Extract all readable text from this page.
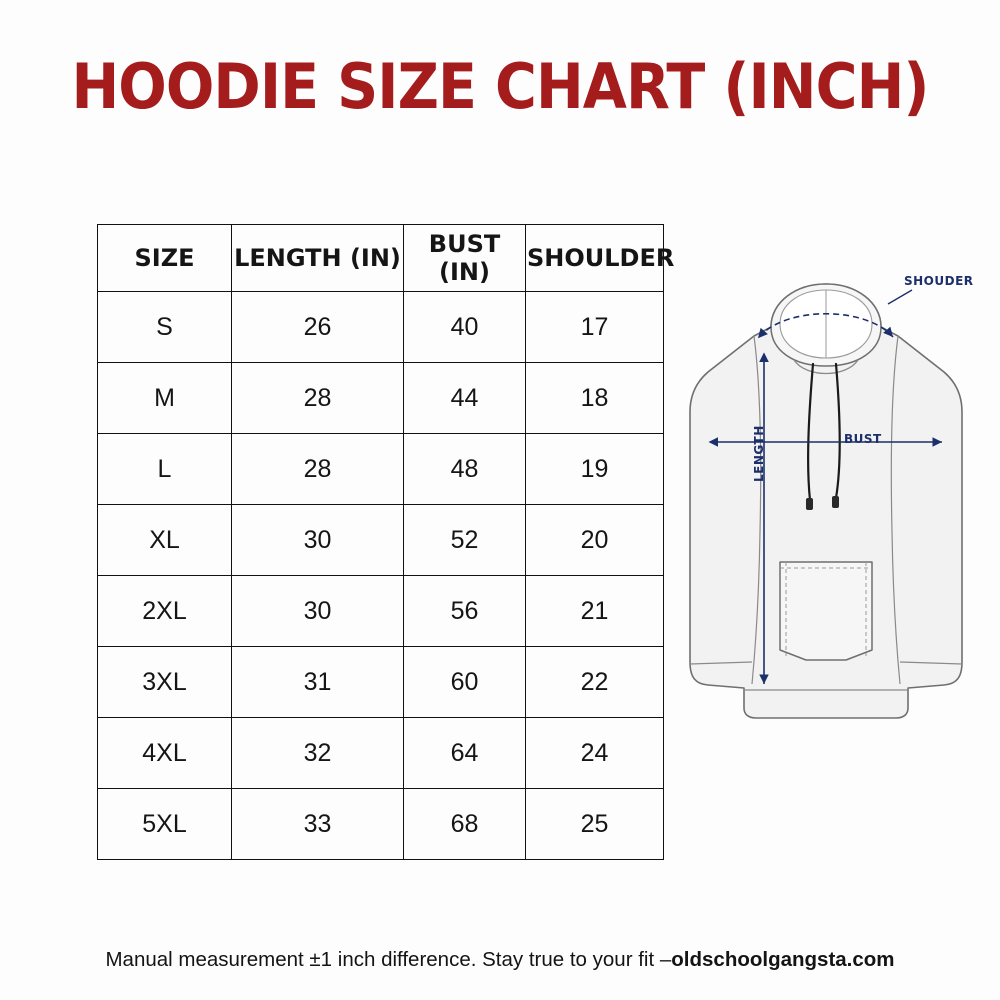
HOODIE SIZE CHART (INCH)
SIZE	LENGTH (IN)	BUST (IN)	SHOULDER
S	26	40	17
M	28	44	18
L	28	48	19
XL	30	52	20
2XL	30	56	21
3XL	31	60	22
4XL	32	64	24
5XL	33	68	25
SHOUDER
BUST
LENGTH
Manual measurement ±1 inch difference. Stay true to your fit –oldschoolgangsta.com
